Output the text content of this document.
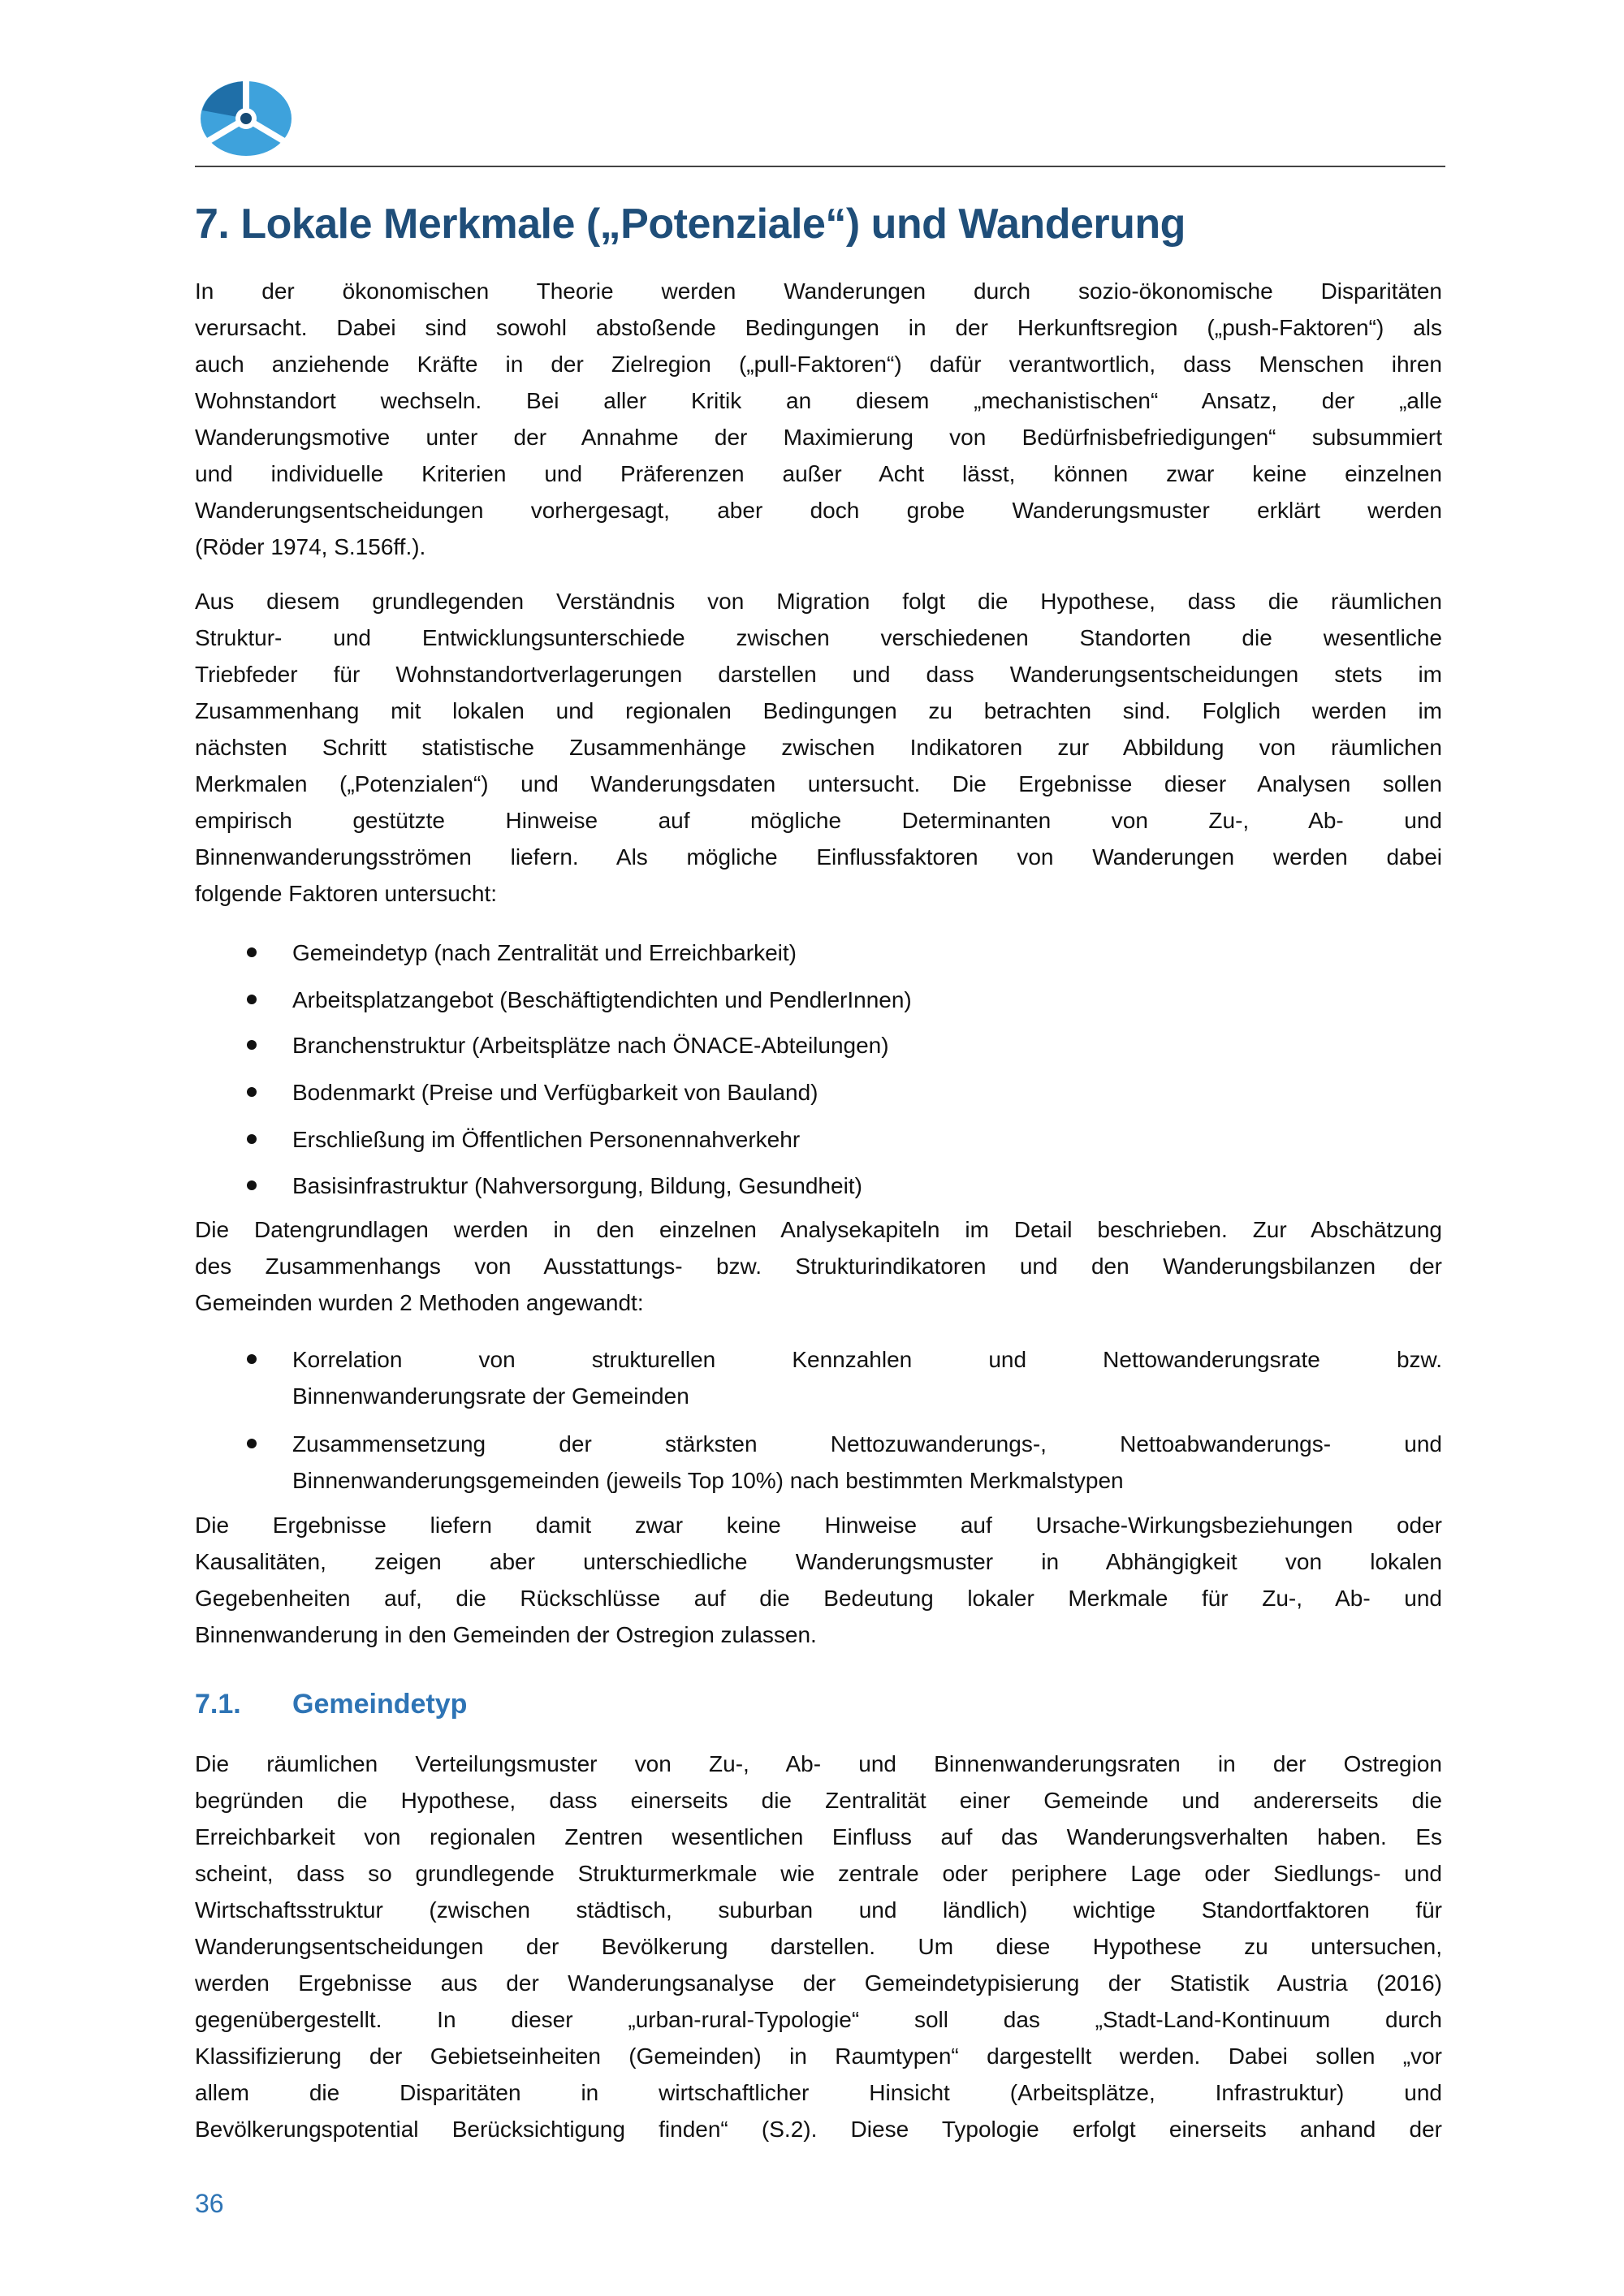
7. Lokale Merkmale („Potenziale“) und Wanderung
In der ökonomischen Theorie werden Wanderungen durch sozio-ökonomische Disparitäten
verursacht. Dabei sind sowohl abstoßende Bedingungen in der Herkunftsregion („push-Faktoren“) als
auch anziehende Kräfte in der Zielregion („pull-Faktoren“) dafür verantwortlich, dass Menschen ihren
Wohnstandort wechseln. Bei aller Kritik an diesem „mechanistischen“ Ansatz, der „alle
Wanderungsmotive unter der Annahme der Maximierung von Bedürfnisbefriedigungen“ subsummiert
und individuelle Kriterien und Präferenzen außer Acht lässt, können zwar keine einzelnen
Wanderungsentscheidungen vorhergesagt, aber doch grobe Wanderungsmuster erklärt werden
(Röder 1974, S.156ff.).
Aus diesem grundlegenden Verständnis von Migration folgt die Hypothese, dass die räumlichen
Struktur- und Entwicklungsunterschiede zwischen verschiedenen Standorten die wesentliche
Triebfeder für Wohnstandortverlagerungen darstellen und dass Wanderungsentscheidungen stets im
Zusammenhang mit lokalen und regionalen Bedingungen zu betrachten sind. Folglich werden im
nächsten Schritt statistische Zusammenhänge zwischen Indikatoren zur Abbildung von räumlichen
Merkmalen („Potenzialen“) und Wanderungsdaten untersucht. Die Ergebnisse dieser Analysen sollen
empirisch gestützte Hinweise auf mögliche Determinanten von Zu-, Ab- und
Binnenwanderungsströmen liefern. Als mögliche Einflussfaktoren von Wanderungen werden dabei
folgende Faktoren untersucht:
Gemeindetyp (nach Zentralität und Erreichbarkeit)
Arbeitsplatzangebot (Beschäftigtendichten und PendlerInnen)
Branchenstruktur (Arbeitsplätze nach ÖNACE-Abteilungen)
Bodenmarkt (Preise und Verfügbarkeit von Bauland)
Erschließung im Öffentlichen Personennahverkehr
Basisinfrastruktur (Nahversorgung, Bildung, Gesundheit)
Die Datengrundlagen werden in den einzelnen Analysekapiteln im Detail beschrieben. Zur Abschätzung
des Zusammenhangs von Ausstattungs- bzw. Strukturindikatoren und den Wanderungsbilanzen der
Gemeinden wurden 2 Methoden angewandt:
Korrelation von strukturellen Kennzahlen und Nettowanderungsrate bzw.
Binnenwanderungsrate der Gemeinden
Zusammensetzung der stärksten Nettozuwanderungs-, Nettoabwanderungs- und
Binnenwanderungsgemeinden (jeweils Top 10%) nach bestimmten Merkmalstypen
Die Ergebnisse liefern damit zwar keine Hinweise auf Ursache-Wirkungsbeziehungen oder
Kausalitäten, zeigen aber unterschiedliche Wanderungsmuster in Abhängigkeit von lokalen
Gegebenheiten auf, die Rückschlüsse auf die Bedeutung lokaler Merkmale für Zu-, Ab- und
Binnenwanderung in den Gemeinden der Ostregion zulassen.
Die räumlichen Verteilungsmuster von Zu-, Ab- und Binnenwanderungsraten in der Ostregion
begründen die Hypothese, dass einerseits die Zentralität einer Gemeinde und andererseits die
Erreichbarkeit von regionalen Zentren wesentlichen Einfluss auf das Wanderungsverhalten haben. Es
scheint, dass so grundlegende Strukturmerkmale wie zentrale oder periphere Lage oder Siedlungs- und
Wirtschaftsstruktur (zwischen städtisch, suburban und ländlich) wichtige Standortfaktoren für
Wanderungsentscheidungen der Bevölkerung darstellen. Um diese Hypothese zu untersuchen,
werden Ergebnisse aus der Wanderungsanalyse der Gemeindetypisierung der Statistik Austria (2016)
gegenübergestellt. In dieser „urban-rural-Typologie“ soll das „Stadt-Land-Kontinuum durch
Klassifizierung der Gebietseinheiten (Gemeinden) in Raumtypen“ dargestellt werden. Dabei sollen „vor
allem die Disparitäten in wirtschaftlicher Hinsicht (Arbeitsplätze, Infrastruktur) und
Bevölkerungspotential Berücksichtigung finden“ (S.2). Diese Typologie erfolgt einerseits anhand der
7.1. Gemeindetyp
36
